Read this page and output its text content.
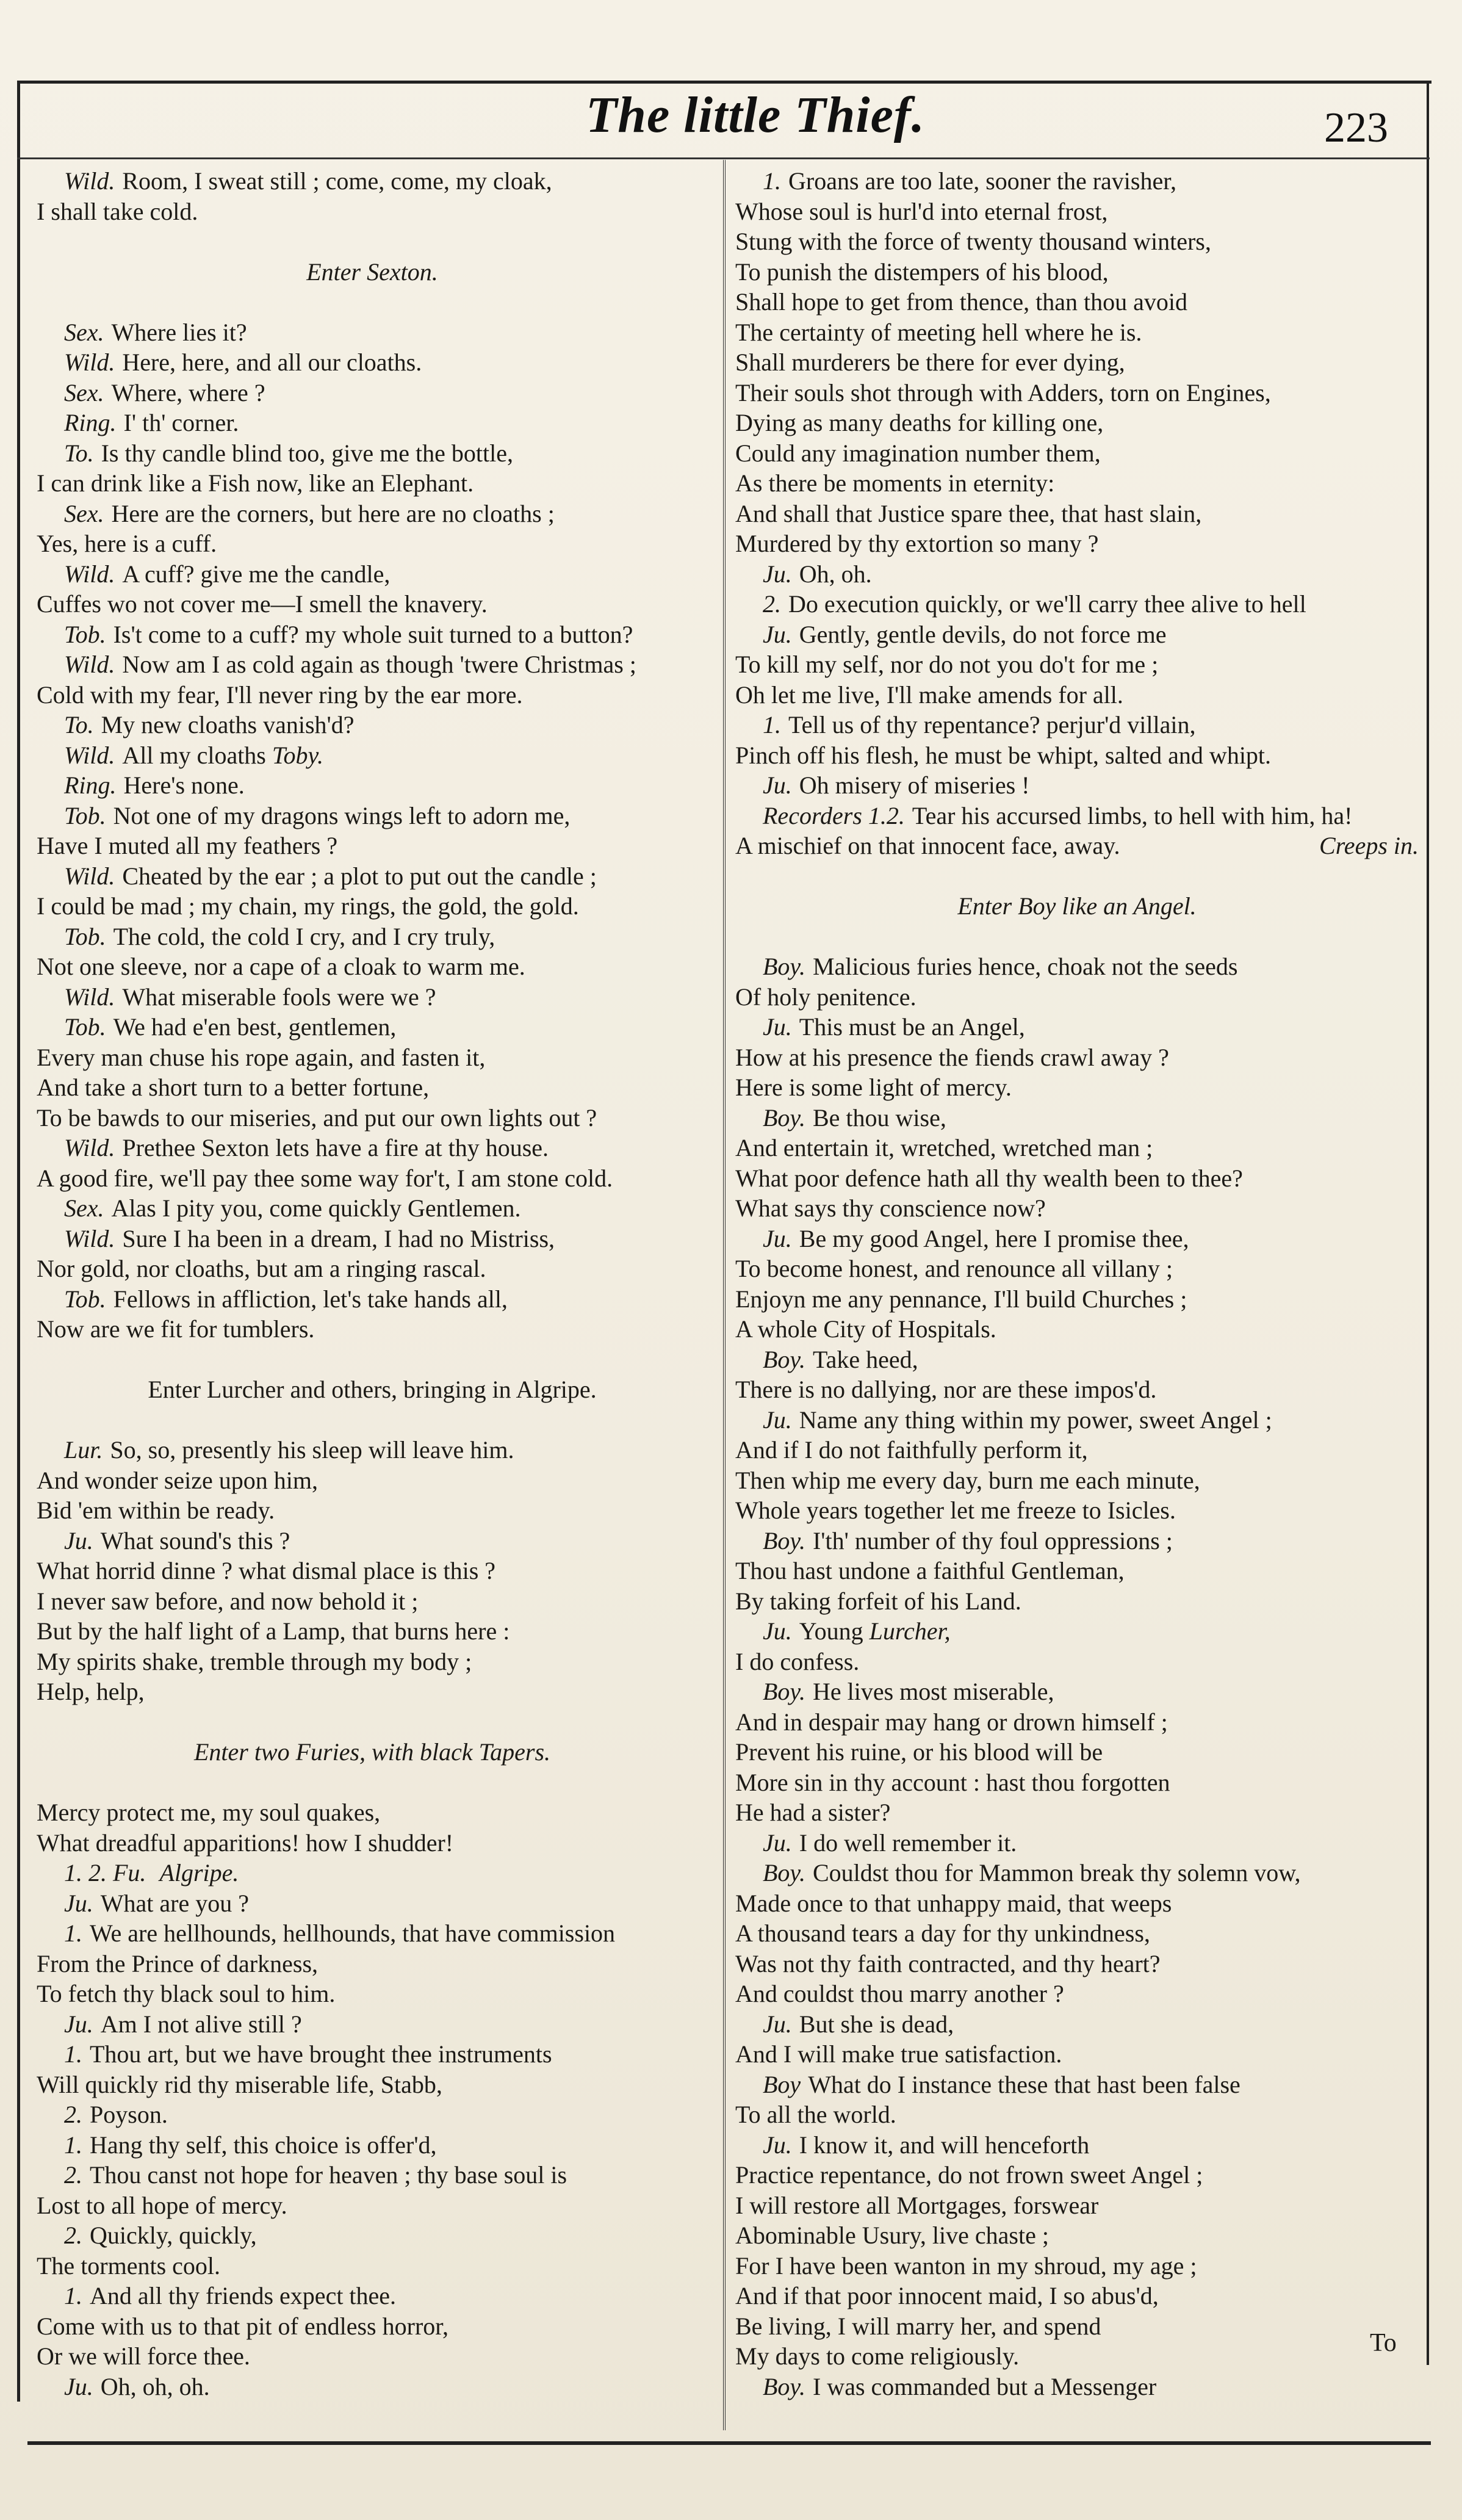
The little Thief.	223
Wild. Room, I sweat still ; come, come, my cloak,
I shall take cold.
Enter Sexton.
Sex. Where lies it?
Wild. Here, here, and all our cloaths.
Sex. Where, where ?
Ring. I' th' corner.
To. Is thy candle blind too, give me the bottle,
I can drink like a Fish now, like an Elephant.
Sex. Here are the corners, but here are no cloaths ;
Yes, here is a cuff.
Wild. A cuff? give me the candle,
Cuffes wo not cover me—I smell the knavery.
Tob. Is't come to a cuff? my whole suit turned to a button?
Wild. Now am I as cold again as though 'twere Christmas ;
Cold with my fear, I'll never ring by the ear more.
To. My new cloaths vanish'd?
Wild. All my cloaths Toby.
Ring. Here's none.
Tob. Not one of my dragons wings left to adorn me,
Have I muted all my feathers ?
Wild. Cheated by the ear ; a plot to put out the candle ;
I could be mad ; my chain, my rings, the gold, the gold.
Tob. The cold, the cold I cry, and I cry truly,
Not one sleeve, nor a cape of a cloak to warm me.
Wild. What miserable fools were we ?
Tob. We had e'en best, gentlemen,
Every man chuse his rope again, and fasten it,
And take a short turn to a better fortune,
To be bawds to our miseries, and put our own lights out ?
Wild. Prethee Sexton lets have a fire at thy house.
A good fire, we'll pay thee some way for't, I am stone cold.
Sex. Alas I pity you, come quickly Gentlemen.
Wild. Sure I ha been in a dream, I had no Mistriss,
Nor gold, nor cloaths, but am a ringing rascal.
Tob. Fellows in affliction, let's take hands all,
Now are we fit for tumblers.
Enter Lurcher and others, bringing in Algripe.
Lur. So, so, presently his sleep will leave him.
And wonder seize upon him,
Bid 'em within be ready.
Ju. What sound's this ?
What horrid dinne ? what dismal place is this ?
I never saw before, and now behold it ;
But by the half light of a Lamp, that burns here :
My spirits shake, tremble through my body ;
Help, help,
Enter two Furies, with black Tapers.
Mercy protect me, my soul quakes,
What dreadful apparitions! how I shudder!
1. 2. Fu. Algripe.
Ju. What are you ?
1. We are hellhounds, hellhounds, that have commission
From the Prince of darkness,
To fetch thy black soul to him.
Ju. Am I not alive still ?
1. Thou art, but we have brought thee instruments
Will quickly rid thy miserable life, Stabb,
2. Poyson.
1. Hang thy self, this choice is offer'd,
2. Thou canst not hope for heaven ; thy base soul is
Lost to all hope of mercy.
2. Quickly, quickly,
The torments cool.
1. And all thy friends expect thee.
Come with us to that pit of endless horror,
Or we will force thee.
Ju. Oh, oh, oh.
1. Groans are too late, sooner the ravisher,
Whose soul is hurl'd into eternal frost,
Stung with the force of twenty thousand winters,
To punish the distempers of his blood,
Shall hope to get from thence, than thou avoid
The certainty of meeting hell where he is.
Shall murderers be there for ever dying,
Their souls shot through with Adders, torn on Engines,
Dying as many deaths for killing one,
Could any imagination number them,
As there be moments in eternity:
And shall that Justice spare thee, that hast slain,
Murdered by thy extortion so many ?
Ju. Oh, oh.
2. Do execution quickly, or we'll carry thee alive to hell
Ju. Gently, gentle devils, do not force me
To kill my self, nor do not you do't for me ;
Oh let me live, I'll make amends for all.
1. Tell us of thy repentance? perjur'd villain,
Pinch off his flesh, he must be whipt, salted and whipt.
Ju. Oh misery of miseries !
Recorders 1.2. Tear his accursed limbs, to hell with him, ha!
A mischief on that innocent face, away.	Creeps in.
Enter Boy like an Angel.
Boy. Malicious furies hence, choak not the seeds
Of holy penitence.
Ju. This must be an Angel,
How at his presence the fiends crawl away ?
Here is some light of mercy.
Boy. Be thou wise,
And entertain it, wretched, wretched man ;
What poor defence hath all thy wealth been to thee?
What says thy conscience now?
Ju. Be my good Angel, here I promise thee,
To become honest, and renounce all villany ;
Enjoyn me any pennance, I'll build Churches ;
A whole City of Hospitals.
Boy. Take heed,
There is no dallying, nor are these impos'd.
Ju. Name any thing within my power, sweet Angel ;
And if I do not faithfully perform it,
Then whip me every day, burn me each minute,
Whole years together let me freeze to Isicles.
Boy. I'th' number of thy foul oppressions ;
Thou hast undone a faithful Gentleman,
By taking forfeit of his Land.
Ju. Young Lurcher,
I do confess.
Boy. He lives most miserable,
And in despair may hang or drown himself ;
Prevent his ruine, or his blood will be
More sin in thy account : hast thou forgotten
He had a sister?
Ju. I do well remember it.
Boy. Couldst thou for Mammon break thy solemn vow,
Made once to that unhappy maid, that weeps
A thousand tears a day for thy unkindness,
Was not thy faith contracted, and thy heart?
And couldst thou marry another ?
Ju. But she is dead,
And I will make true satisfaction.
Boy What do I instance these that hast been false
To all the world.
Ju. I know it, and will henceforth
Practice repentance, do not frown sweet Angel ;
I will restore all Mortgages, forswear
Abominable Usury, live chaste ;
For I have been wanton in my shroud, my age ;
And if that poor innocent maid, I so abus'd,
Be living, I will marry her, and spend
My days to come religiously.
Boy. I was commanded but a Messenger
To
